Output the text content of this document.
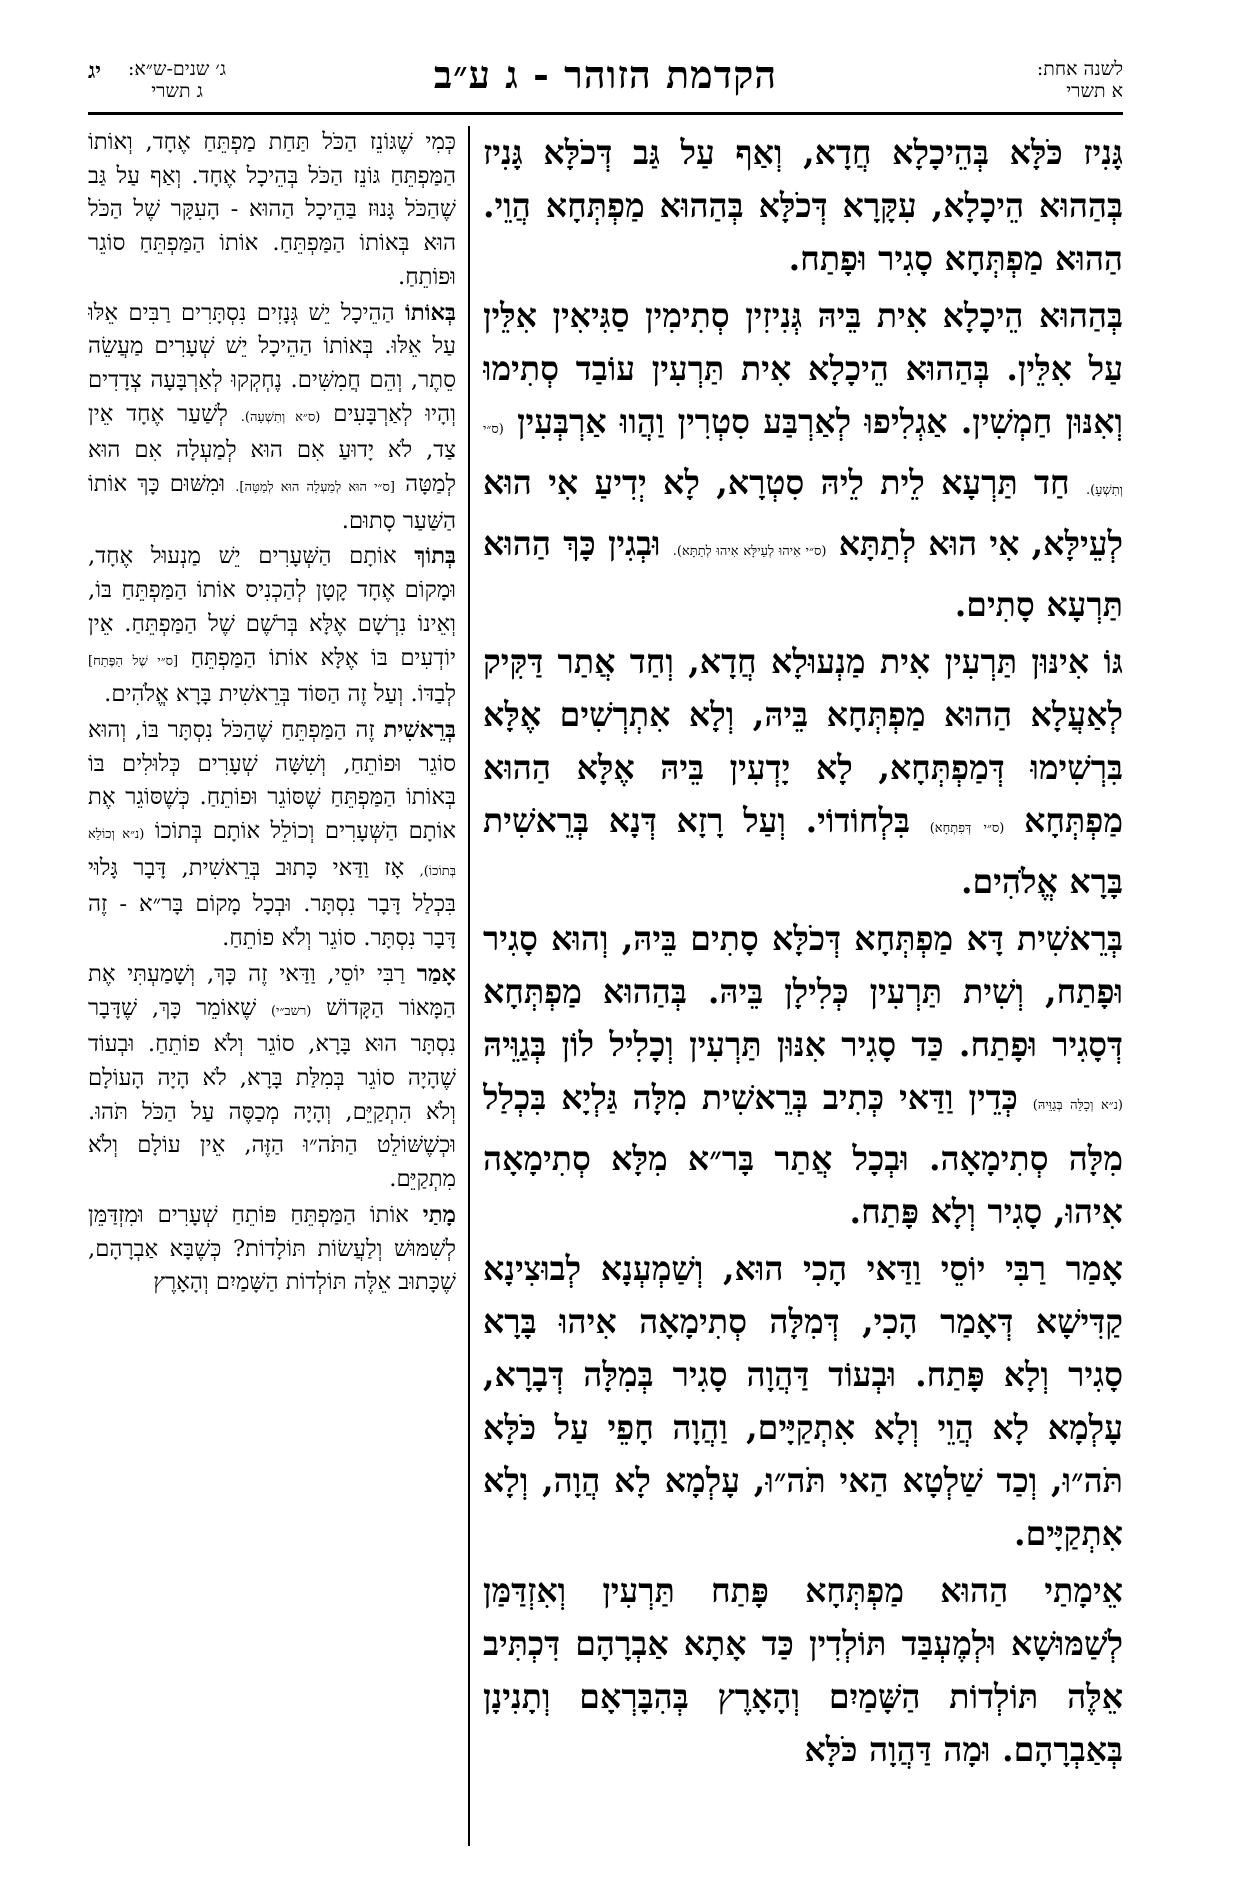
לשנה אחת:
א תשרי
הקדמת הזוהר - ג ע״ב
ג׳ שנים-ש״א:
ג תשרי
יג

גָּנִיז כֹּלָּא בְּהֵיכָלָא חֲדָא, וְאַף עַל גַּב דְּכֹלָּא גָּנִיז בְּהַהוּא הֵיכָלָא, עִקָּרָא דְּכֹלָּא בְּהַהוּא מַפְתְּחָא הֲוֵי. הַהוּא מַפְתְּחָא סָגִיר וּפָתַח.

בְּהַהוּא הֵיכָלָא אִית בֵּיהּ גְּנִיזִין סְתִימִין סַגִּיאִין אִלֵּין עַל אִלֵּין. בְּהַהוּא הֵיכָלָא אִית תַּרְעִין עוֹבַד סְתִימוּ וְאִנּוּן חַמְשִׁין. אַגְלִיפוּ לְאַרְבַּע סִטְרִין וַהֲווּ אַרְבְּעִין (ס״י וְתִשְׁעָ). חַד תַּרְעָא לֵית לֵיהּ סִטְרָא, לָא יְדִיעַ אִי הוּא לְעֵילָּא, אִי הוּא לְתַתָּא (ס״י אִיהוּ לְעֵילָּא אִיהוּ לְתַתָּא). וּבְגִין כָּךְ הַהוּא תַּרְעָא סָתִים.

גּוֹ אִינּוּן תַּרְעִין אִית מַנְעוּלָא חֲדָא, וְחַד אֲתַר דַּקִּיק לְאַעֲלָא הַהוּא מַפְתְּחָא בֵּיהּ, וְלָא אִתְרְשִׁים אֶלָּא בִּרְשִׁימוּ דְּמַפְתְּחָא, לָא יָדְעִין בֵּיהּ אֶלָּא הַהוּא מַפְתְּחָא (ס״י דְּפִתְחָא) בִּלְחוֹדוֹי. וְעַל רָזָא דְּנָא בְּרֵאשִׁית בָּרָא אֱלֹהִים.

בְּרֵאשִׁית דָּא מַפְתְּחָא דְּכֹלָּא סָתִים בֵּיהּ, וְהוּא סָגִיר וּפָתַח, וְשִׁית תַּרְעִין כְּלִילָן בֵּיהּ. בְּהַהוּא מַפְתְּחָא דְּסָגִיר וּפָתַח. כַּד סָגִיר אִנּוּן תַּרְעִין וְכָלִיל לוֹן בְּגַוֵּיהּ (נ״א וְכָלֵּה בְּגַוֵּיהּ) כְּדֵין וַדַּאי כְּתִיב בְּרֵאשִׁית מִלָּה גַּלְיָא בִּכְלַל מִלָּה סְתִימָאָה. וּבְכָל אֲתַר בָּר״א מִלָּא סְתִימָאָה אִיהוּ, סָגִיר וְלָא פָּתַח.

אָמַר רַבִּי יוֹסֵי וַדַּאי הָכִי הוּא, וְשַׁמְעְנָא לְבוּצִינָא קַדִּישָׁא דְּאָמַר הָכִי, דְּמִלָּה סְתִימָאָה אִיהוּ בָּרָא סָגִיר וְלָא פָּתַח. וּבְעוֹד דַּהֲוָה סָגִיר בְּמִלָּה דְּבָרָא, עָלְמָא לָא הֲוֵי וְלָא אִתְקַיָּים, וַהֲוָה חָפֵי עַל כֹּלָּא תֹּה״וּ, וְכַד שַׁלְטָא הַאי תֹּה״וּ, עָלְמָא לָא הֲוָה, וְלָא אִתְקַיָּים.

אֵימָתַי הַהוּא מַפְתְּחָא פָּתַח תַּרְעִין וְאִזְדַּמַּן לְשַׁמּוּשָׁא וּלְמֶעְבַּד תּוֹלְדִין כַּד אָתָא אַבְרָהָם דִּכְתִּיב אֵלֶּה תּוֹלְדוֹת הַשָּׁמַיִם וְהָאָרֶץ בְּהִבָּרְאָם וְתָנִינָן בְּאַבְרָהָם. וּמָה דַּהֲוָה כֹּלָּא

כְּמִי שֶׁגּוֹנֵז הַכֹּל תַּחַת מַפְתֵּחַ אֶחָד, וְאוֹתוֹ הַמַּפְתֵּחַ גּוֹנֵז הַכֹּל בְּהֵיכָל אֶחָד. וְאַף עַל גַּב שֶׁהַכֹּל גָּנוּז בַּהֵיכָל הַהוּא - הָעִקָּר שֶׁל הַכֹּל הוּא בְּאוֹתוֹ הַמַּפְתֵּחַ. אוֹתוֹ הַמַּפְתֵּחַ סוֹגֵר וּפוֹתֵחַ.

בְּאוֹתוֹ הַהֵיכָל יֵשׁ גְּנָזִים נִסְתָּרִים רַבִּים אֵלּוּ עַל אֵלּוּ. בְּאוֹתוֹ הַהֵיכָל יֵשׁ שְׁעָרִים מַעֲשֵׂה סֵתֶר, וְהֵם חֲמִשִּׁים. נֶחְקְקוּ לְאַרְבָּעָה צְדָדִים וְהָיוּ לְאַרְבָּעִים (ס״א וְתִשְׁעָה). לְשַׁעַר אֶחָד אֵין צַד, לֹא יָדוּעַ אִם הוּא לְמַעְלָה אִם הוּא לְמַטָּה [ס״י הוּא לְמַעְלָה הוּא לְמַטָּה]. וּמִשּׁוּם כָּךְ אוֹתוֹ הַשַּׁעַר סָתוּם.

בְּתוֹךְ אוֹתָם הַשְּׁעָרִים יֵשׁ מַנְעוּל אֶחָד, וּמָקוֹם אֶחָד קָטָן לְהַכְנִיס אוֹתוֹ הַמַּפְתֵּחַ בּוֹ, וְאֵינוֹ נִרְשָׁם אֶלָּא בְּרֹשֶׁם שֶׁל הַמַּפְתֵּחַ. אֵין יוֹדְעִים בּוֹ אֶלָּא אוֹתוֹ הַמַּפְתֵּחַ [ס״י שֶׁל הַפֶּתַח] לְבַדּוֹ. וְעַל זֶה הַסּוֹד בְּרֵאשִׁית בָּרָא אֱלֹהִים.

בְּרֵאשִׁית זֶה הַמַּפְתֵּחַ שֶׁהַכֹּל נִסְתָּר בּוֹ, וְהוּא סוֹגֵר וּפוֹתֵחַ, וְשִׁשָּׁה שְׁעָרִים כְּלוּלִים בּוֹ בְּאוֹתוֹ הַמַּפְתֵּחַ שֶׁסּוֹגֵר וּפוֹתֵחַ. כְּשֶׁסּוֹגֵר אֶת אוֹתָם הַשְּׁעָרִים וְכוֹלֵל אוֹתָם בְּתוֹכוֹ (נ״א וְכוֹלֵא בְּתוֹכוֹ), אָז וַדַּאי כָּתוּב בְּרֵאשִׁית, דָּבָר גָּלוּי בִּכְלַל דָּבָר נִסְתָּר. וּבְכָל מָקוֹם בָּר״א - זֶה דָּבָר נִסְתָּר. סוֹגֵר וְלֹא פוֹתֵחַ.

אָמַר רַבִּי יוֹסֵי, וַדַּאי זֶה כָּךְ, וְשָׁמַעְתִּי אֶת הַמָּאוֹר הַקָּדוֹשׁ (רשב״י) שֶׁאוֹמֵר כָּךְ, שֶׁדָּבָר נִסְתָּר הוּא בָּרָא, סוֹגֵר וְלֹא פוֹתֵחַ. וּבְעוֹד שֶׁהָיָה סוֹגֵר בְּמִלַּת בָּרָא, לֹא הָיָה הָעוֹלָם וְלֹא הִתְקַיֵּם, וְהָיָה מְכַסֶּה עַל הַכֹּל תֹּהוּ. וּכְשֶׁשּׁוֹלֵט הַתֹּה״וּ הַזֶּה, אֵין עוֹלָם וְלֹא מִתְקַיֵּם.

מָתַי אוֹתוֹ הַמַּפְתֵּחַ פּוֹתֵחַ שְׁעָרִים וּמִזְדַּמֵּן לְשִׁמּוּשׁ וְלַעֲשׂוֹת תּוֹלָדוֹת? כְּשֶׁבָּא אַבְרָהָם, שֶׁכָּתוּב אֵלֶּה תּוֹלְדוֹת הַשָּׁמַיִם וְהָאָרֶץ
